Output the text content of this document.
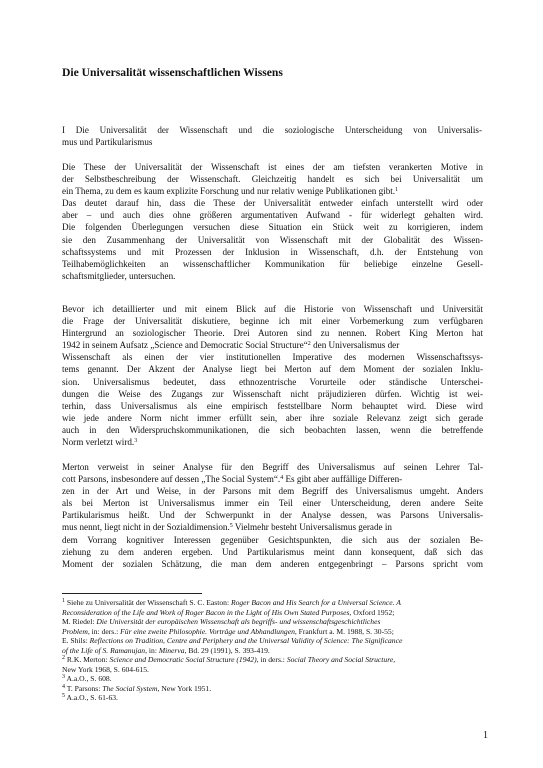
Die Universalität wissenschaftlichen Wissens
I Die Universalität der Wissenschaft und die soziologische Unterscheidung von Universalis-
mus und Partikularismus
Die These der Universalität der Wissenschaft ist eines der am tiefsten verankerten Motive in
der Selbstbeschreibung der Wissenschaft. Gleichzeitig handelt es sich bei Universalität um
ein Thema, zu dem es kaum explizite Forschung und nur relativ wenige Publikationen gibt.$^1$
Das deutet darauf hin, dass die These der Universalität entweder einfach unterstellt wird oder
aber – und auch dies ohne größeren argumentativen Aufwand - für widerlegt gehalten wird.
Die folgenden Überlegungen versuchen diese Situation ein Stück weit zu korrigieren, indem
sie den Zusammenhang der Universalität von Wissenschaft mit der Globalität des Wissen-
schaftssystems und mit Prozessen der Inklusion in Wissenschaft, d.h. der Entstehung von
Teilhabemöglichkeiten an wissenschaftlicher Kommunikation für beliebige einzelne Gesell-
schaftsmitglieder, untersuchen.
Bevor ich detaillierter und mit einem Blick auf die Historie von Wissenschaft und Universität
die Frage der Universalität diskutiere, beginne ich mit einer Vorbemerkung zum verfügbaren
Hintergrund an soziologischer Theorie. Drei Autoren sind zu nennen. Robert King Merton hat
1942 in seinem Aufsatz „Science and Democratic Social Structure“$^2$ den Universalismus der
Wissenschaft als einen der vier institutionellen Imperative des modernen Wissenschaftssys-
tems genannt. Der Akzent der Analyse liegt bei Merton auf dem Moment der sozialen Inklu-
sion. Universalismus bedeutet, dass ethnozentrische Vorurteile oder ständische Unterschei-
dungen die Weise des Zugangs zur Wissenschaft nicht präjudizieren dürfen. Wichtig ist wei-
terhin, dass Universalismus als eine empirisch feststellbare Norm behauptet wird. Diese wird
wie jede andere Norm nicht immer erfüllt sein, aber ihre soziale Relevanz zeigt sich gerade
auch in den Widerspruchskommunikationen, die sich beobachten lassen, wenn die betreffende
Norm verletzt wird.$^3$
Merton verweist in seiner Analyse für den Begriff des Universalismus auf seinen Lehrer Tal-
cott Parsons, insbesondere auf dessen „The Social System“.$^4$ Es gibt aber auffällige Differen-
zen in der Art und Weise, in der Parsons mit dem Begriff des Universalismus umgeht. Anders
als bei Merton ist Universalismus immer ein Teil einer Unterscheidung, deren andere Seite
Partikularismus heißt. Und der Schwerpunkt in der Analyse dessen, was Parsons Universalis-
mus nennt, liegt nicht in der Sozialdimension.$^5$ Vielmehr besteht Universalismus gerade in
dem Vorrang kognitiver Interessen gegenüber Gesichtspunkten, die sich aus der sozialen Be-
ziehung zu dem anderen ergeben. Und Partikularismus meint dann konsequent, daß sich das
Moment der sozialen Schätzung, die man dem anderen entgegenbringt – Parsons spricht vom
$^1$ Siehe zu Universalität der Wissenschaft S. C. Easton: Roger Bacon and His Search for a Universal Science. A
Reconsideration of the Life and Work of Roger Bacon in the Light of His Own Stated Purposes, Oxford 1952;
M. Riedel: Die Universität der europäischen Wissenschaft als begriffs- und wissenschaftsgeschichtliches
Problem, in: ders.: Für eine zweite Philosophie. Vorträge und Abhandlungen, Frankfurt a. M. 1988, S. 30-55;
E. Shils: Reflections on Tradition, Centre and Periphery and the Universal Validity of Science: The Significance
of the Life of S. Ramanujan, in: Minerva, Bd. 29 (1991), S. 393-419.
$^2$ R.K. Merton: Science and Democratic Social Structure (1942), in ders.: Social Theory and Social Structure,
New York 1968, S. 604-615.
$^3$ A.a.O., S. 608.
$^4$ T. Parsons: The Social System, New York 1951.
$^5$ A.a.O., S. 61-63.
1
